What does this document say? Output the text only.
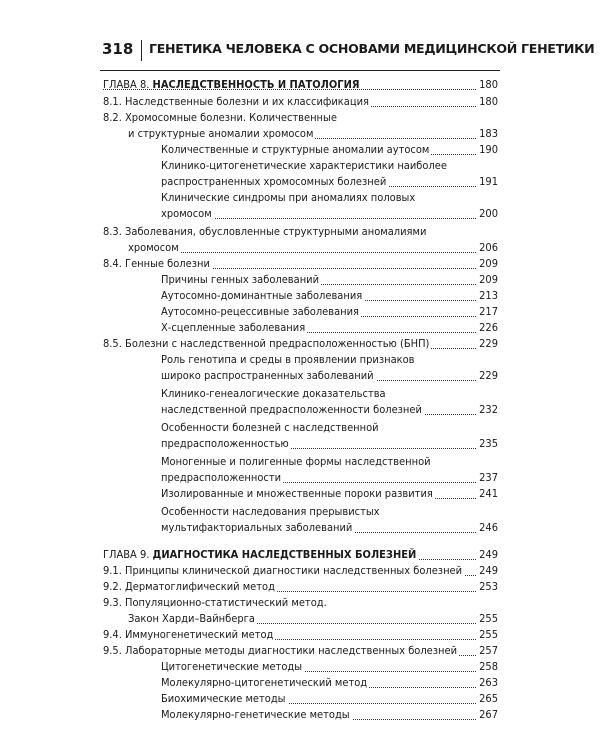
318 ГЕНЕТИКА ЧЕЛОВЕКА С ОСНОВАМИ МЕДИЦИНСКОЙ ГЕНЕТИКИ
ГЛАВА 8. НАСЛЕДСТВЕННОСТЬ И ПАТОЛОГИЯ	180
8.1. Наследственные болезни и их классификация	180
8.2. Хромосомные болезни. Количественные
и структурные аномалии хромосом	183
Количественные и структурные аномалии аутосом	190
Клинико-цитогенетические характеристики наиболее
распространенных хромосомных болезней	191
Клинические синдромы при аномалиях половых
хромосом	200
8.3. Заболевания, обусловленные структурными аномалиями
хромосом	206
8.4. Генные болезни	209
Причины генных заболеваний	209
Аутосомно-доминантные заболевания	213
Аутосомно-рецессивные заболевания	217
Х-сцепленные заболевания	226
8.5. Болезни с наследственной предрасположенностью (БНП)	229
Роль генотипа и среды в проявлении признаков
широко распространенных заболеваний	229
Клинико-генеалогические доказательства
наследственной предрасположенности болезней	232
Особенности болезней с наследственной
предрасположенностью	235
Моногенные и полигенные формы наследственной
предрасположенности	237
Изолированные и множественные пороки развития	241
Особенности наследования прерывистых
мультифакториальных заболеваний	246
ГЛАВА 9. ДИАГНОСТИКА НАСЛЕДСТВЕННЫХ БОЛЕЗНЕЙ	249
9.1. Принципы клинической диагностики наследственных болезней 249
9.2. Дерматоглифический метод	253
9.3. Популяционно-статистический метод.
Закон Харди–Вайнберга	255
9.4. Иммуногенетический метод	255
9.5. Лабораторные методы диагностики наследственных болезней 257
Цитогенетические методы	258
Молекулярно-цитогенетический метод	263
Биохимические методы	265
Молекулярно-генетические методы	267
